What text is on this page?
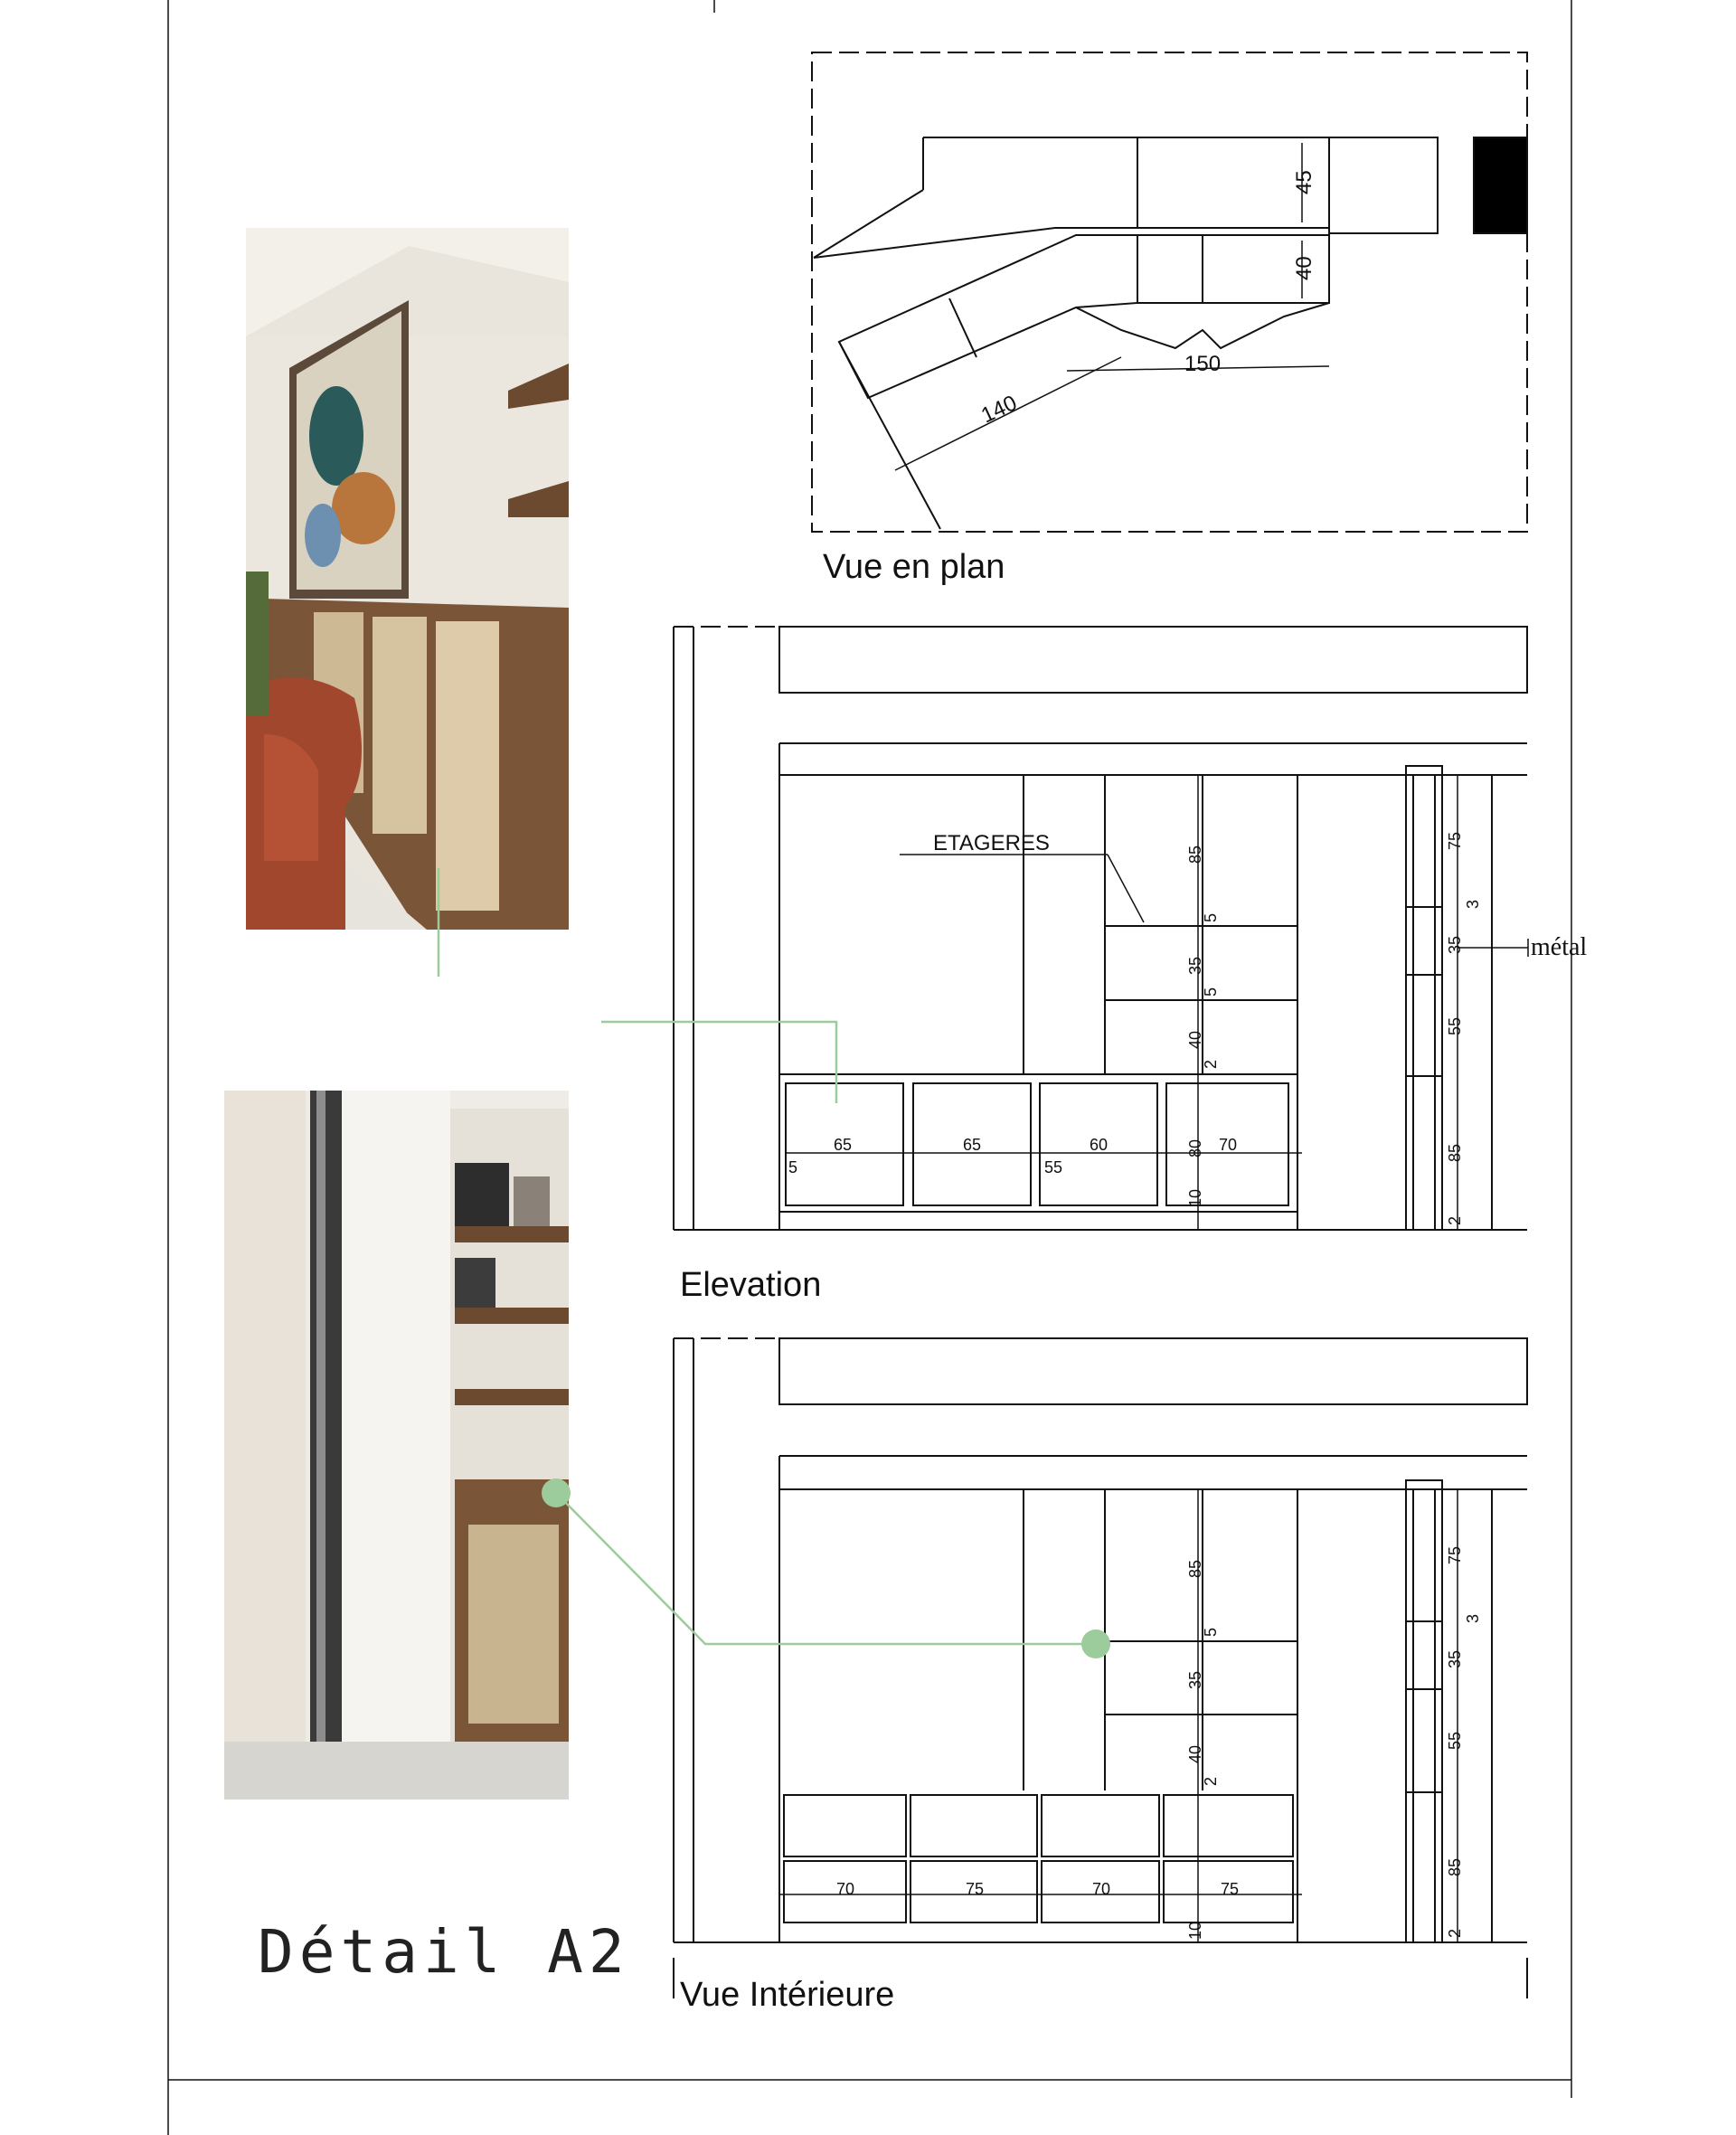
45
40
150
140
ETAGERES
métal
85
5
35
5
40
2
80
10
65	65	60	70
5	55
75
3
35
55
85
2
85
5
35
40
2
10
70	75	70	75
75
3
35
55
85
2
Vue en plan
Elevation
Vue Intérieure
Détail A2
